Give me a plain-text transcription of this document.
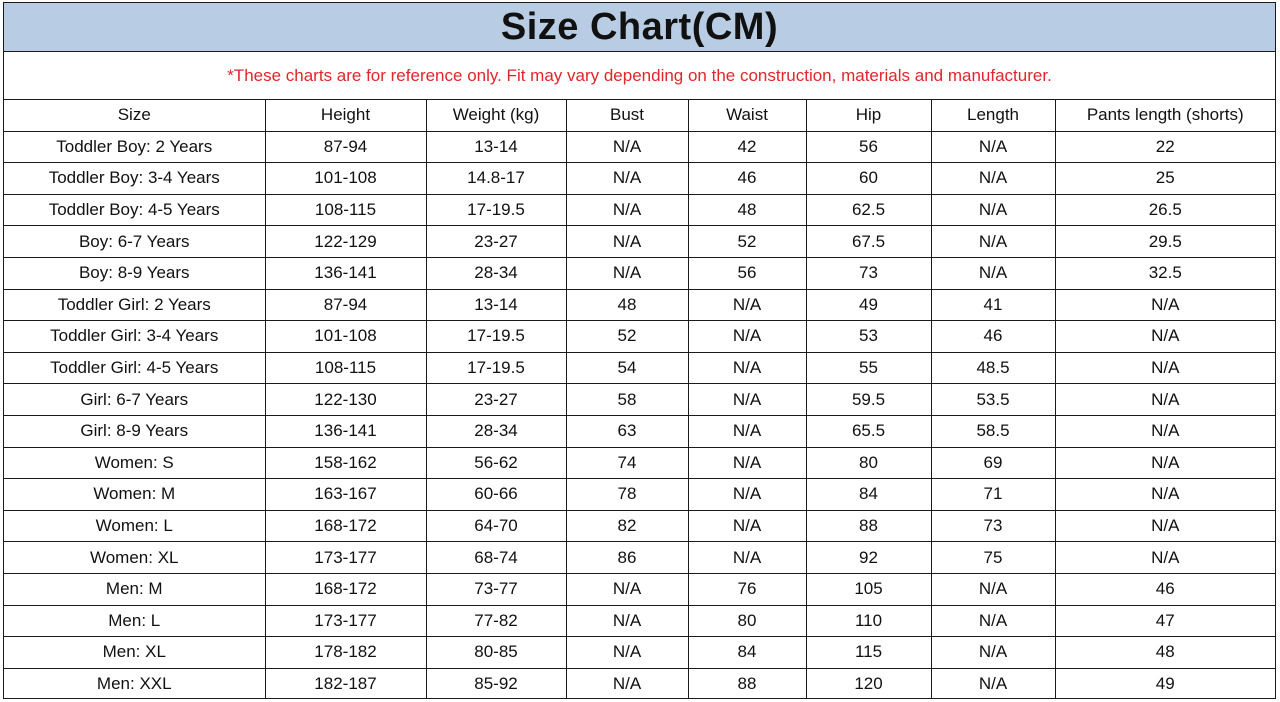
Size Chart(CM)
*These charts are for reference only. Fit may vary depending on the construction, materials and manufacturer.
Size	Height	Weight (kg)	Bust	Waist	Hip	Length	Pants length (shorts)
Toddler Boy: 2 Years	87-94	13-14	N/A	42	56	N/A	22
Toddler Boy: 3-4 Years	101-108	14.8-17	N/A	46	60	N/A	25
Toddler Boy: 4-5 Years	108-115	17-19.5	N/A	48	62.5	N/A	26.5
Boy: 6-7 Years	122-129	23-27	N/A	52	67.5	N/A	29.5
Boy: 8-9 Years	136-141	28-34	N/A	56	73	N/A	32.5
Toddler Girl: 2 Years	87-94	13-14	48	N/A	49	41	N/A
Toddler Girl: 3-4 Years	101-108	17-19.5	52	N/A	53	46	N/A
Toddler Girl: 4-5 Years	108-115	17-19.5	54	N/A	55	48.5	N/A
Girl: 6-7 Years	122-130	23-27	58	N/A	59.5	53.5	N/A
Girl: 8-9 Years	136-141	28-34	63	N/A	65.5	58.5	N/A
Women: S	158-162	56-62	74	N/A	80	69	N/A
Women: M	163-167	60-66	78	N/A	84	71	N/A
Women: L	168-172	64-70	82	N/A	88	73	N/A
Women: XL	173-177	68-74	86	N/A	92	75	N/A
Men: M	168-172	73-77	N/A	76	105	N/A	46
Men: L	173-177	77-82	N/A	80	110	N/A	47
Men: XL	178-182	80-85	N/A	84	115	N/A	48
Men: XXL	182-187	85-92	N/A	88	120	N/A	49
